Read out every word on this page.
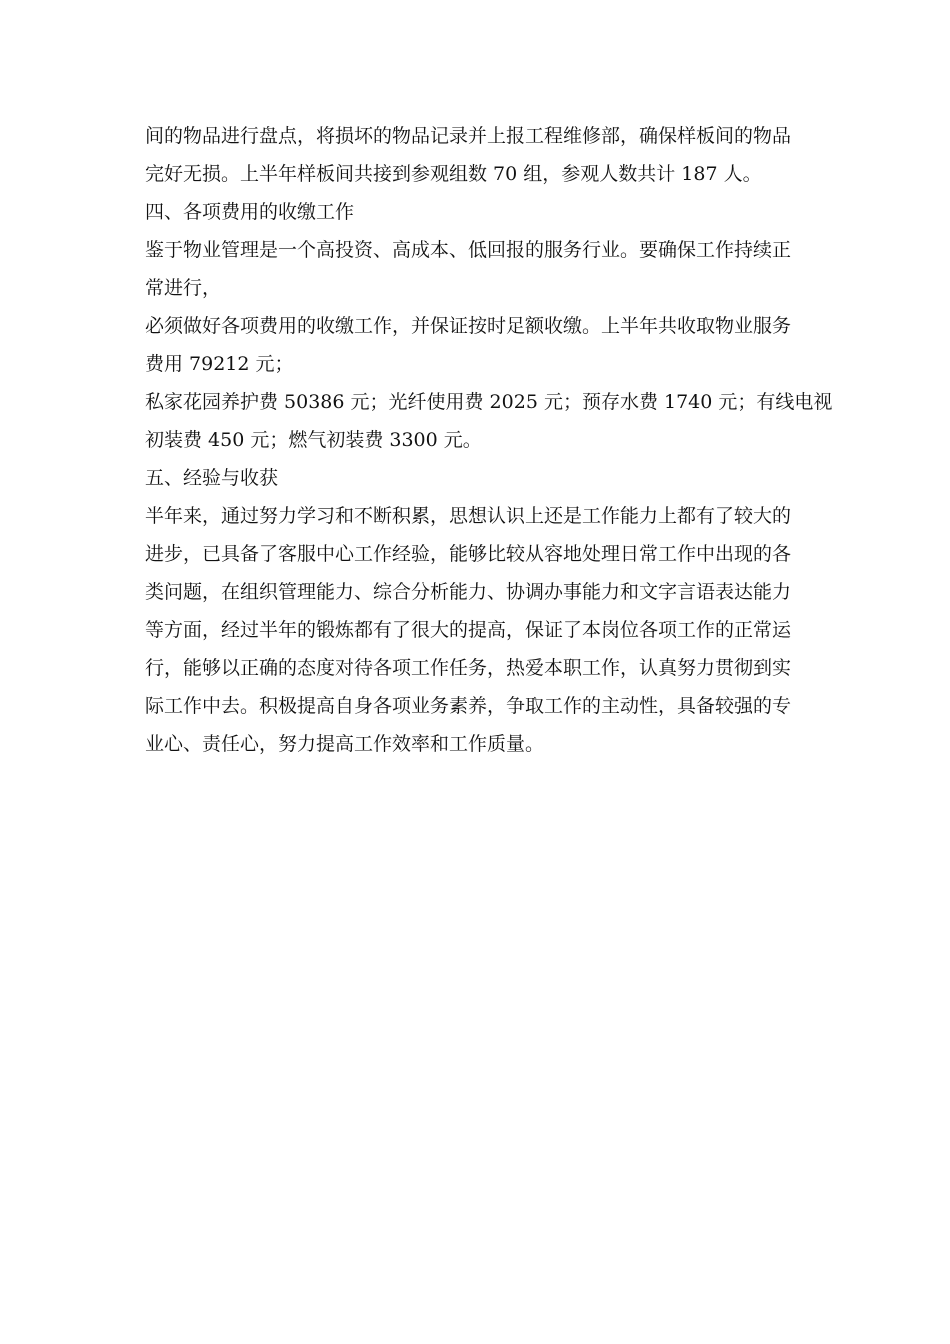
间的物品进行盘点，将损坏的物品记录并上报工程维修部，确保样板间的物品
完好无损。上半年样板间共接到参观组数 70 组，参观人数共计 187 人。
四、各项费用的收缴工作
鉴于物业管理是一个高投资、高成本、低回报的服务行业。要确保工作持续正
常进行，
必须做好各项费用的收缴工作，并保证按时足额收缴。上半年共收取物业服务
费用 79212 元；
私家花园养护费 50386 元；光纤使用费 2025 元；预存水费 1740 元；有线电视
初装费 450 元；燃气初装费 3300 元。
五、经验与收获
半年来，通过努力学习和不断积累，思想认识上还是工作能力上都有了较大的
进步，已具备了客服中心工作经验，能够比较从容地处理日常工作中出现的各
类问题，在组织管理能力、综合分析能力、协调办事能力和文字言语表达能力
等方面，经过半年的锻炼都有了很大的提高，保证了本岗位各项工作的正常运
行，能够以正确的态度对待各项工作任务，热爱本职工作，认真努力贯彻到实
际工作中去。积极提高自身各项业务素养，争取工作的主动性，具备较强的专
业心、责任心，努力提高工作效率和工作质量。
